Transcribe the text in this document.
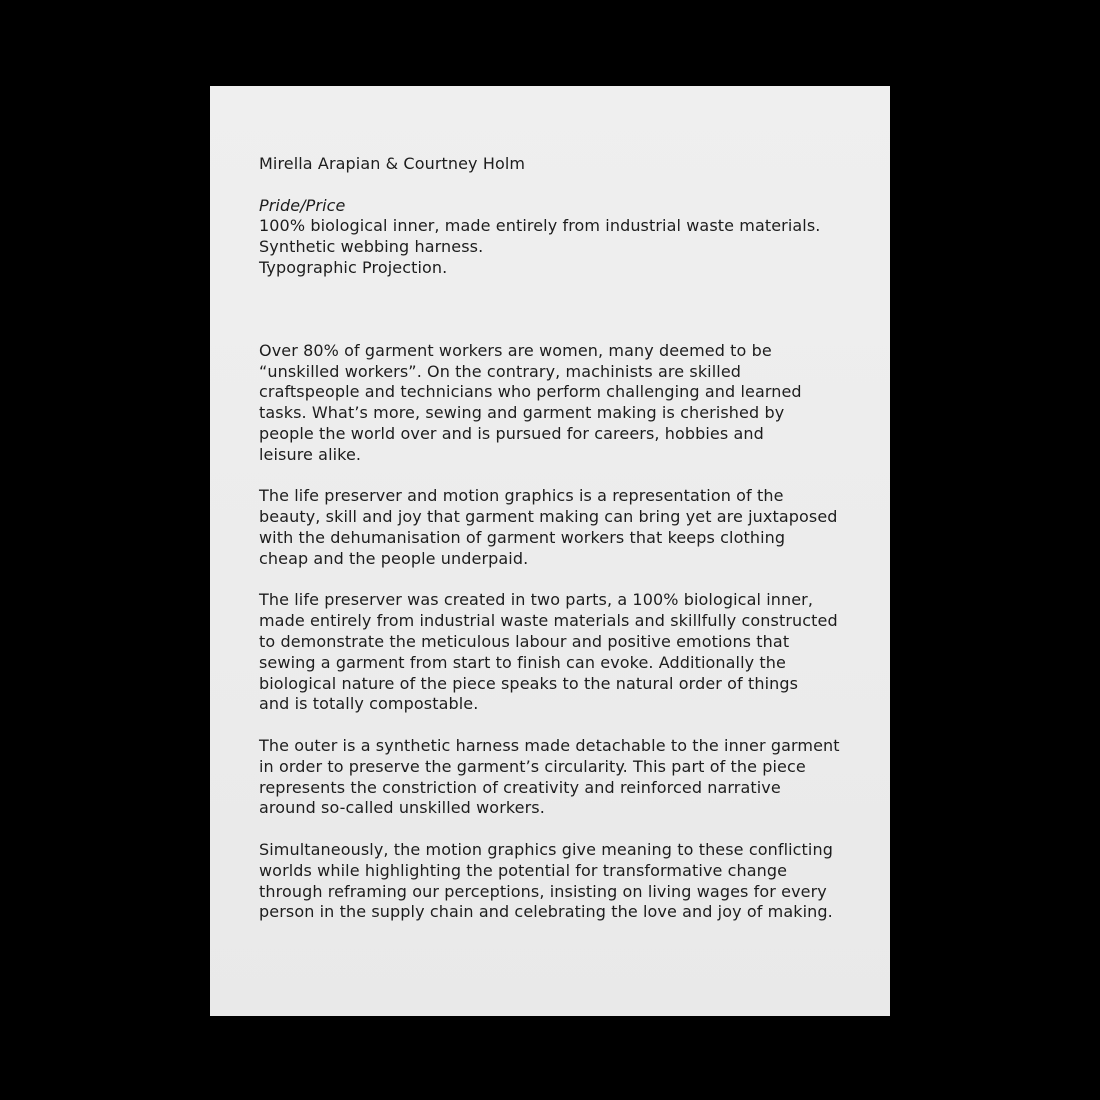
Mirella Arapian & Courtney Holm

Pride/Price
100% biological inner, made entirely from industrial waste materials.
Synthetic webbing harness.
Typographic Projection.

Over 80% of garment workers are women, many deemed to be
“unskilled workers”. On the contrary, machinists are skilled
craftspeople and technicians who perform challenging and learned
tasks. What’s more, sewing and garment making is cherished by
people the world over and is pursued for careers, hobbies and
leisure alike.

The life preserver and motion graphics is a representation of the
beauty, skill and joy that garment making can bring yet are juxtaposed
with the dehumanisation of garment workers that keeps clothing
cheap and the people underpaid.

The life preserver was created in two parts, a 100% biological inner,
made entirely from industrial waste materials and skillfully constructed
to demonstrate the meticulous labour and positive emotions that
sewing a garment from start to finish can evoke. Additionally the
biological nature of the piece speaks to the natural order of things
and is totally compostable.

The outer is a synthetic harness made detachable to the inner garment
in order to preserve the garment’s circularity. This part of the piece
represents the constriction of creativity and reinforced narrative
around so-called unskilled workers.

Simultaneously, the motion graphics give meaning to these conflicting
worlds while highlighting the potential for transformative change
through reframing our perceptions, insisting on living wages for every
person in the supply chain and celebrating the love and joy of making.
